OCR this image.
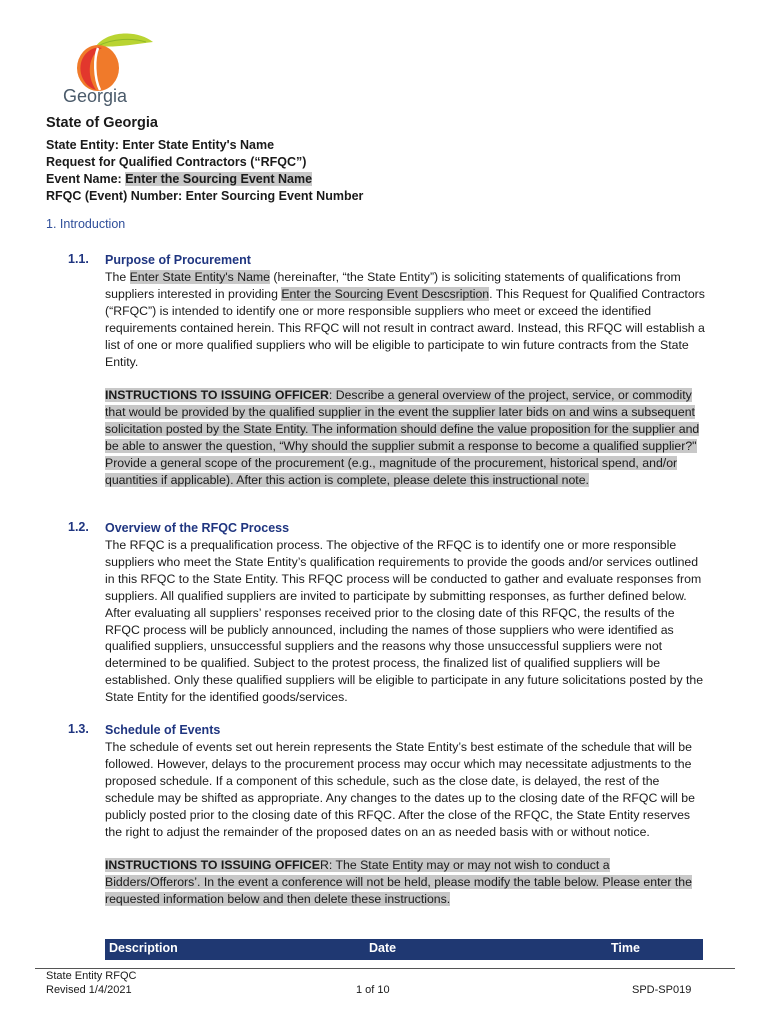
Georgia
State of Georgia
State Entity: Enter State Entity's Name
Request for Qualified Contractors (“RFQC”)
Event Name: Enter the Sourcing Event Name
RFQC (Event) Number: Enter Sourcing Event Number
1. Introduction
1.1. Purpose of Procurement
The Enter State Entity's Name (hereinafter, “the State Entity”) is soliciting statements of qualifications from suppliers interested in providing Enter the Sourcing Event Descsription. This Request for Qualified Contractors (“RFQC”) is intended to identify one or more responsible suppliers who meet or exceed the identified requirements contained herein. This RFQC will not result in contract award. Instead, this RFQC will establish a list of one or more qualified suppliers who will be eligible to participate to win future contracts from the State Entity.
INSTRUCTIONS TO ISSUING OFFICER: Describe a general overview of the project, service, or commodity that would be provided by the qualified supplier in the event the supplier later bids on and wins a subsequent solicitation posted by the State Entity. The information should define the value proposition for the supplier and be able to answer the question, “Why should the supplier submit a response to become a qualified supplier?" Provide a general scope of the procurement (e.g., magnitude of the procurement, historical spend, and/or quantities if applicable). After this action is complete, please delete this instructional note.
1.2. Overview of the RFQC Process
The RFQC is a prequalification process. The objective of the RFQC is to identify one or more responsible suppliers who meet the State Entity’s qualification requirements to provide the goods and/or services outlined in this RFQC to the State Entity. This RFQC process will be conducted to gather and evaluate responses from suppliers. All qualified suppliers are invited to participate by submitting responses, as further defined below. After evaluating all suppliers’ responses received prior to the closing date of this RFQC, the results of the RFQC process will be publicly announced, including the names of those suppliers who were identified as qualified suppliers, unsuccessful suppliers and the reasons why those unsuccessful suppliers were not determined to be qualified. Subject to the protest process, the finalized list of qualified suppliers will be established. Only these qualified suppliers will be eligible to participate in any future solicitations posted by the State Entity for the identified goods/services.
1.3. Schedule of Events
The schedule of events set out herein represents the State Entity’s best estimate of the schedule that will be followed. However, delays to the procurement process may occur which may necessitate adjustments to the proposed schedule. If a component of this schedule, such as the close date, is delayed, the rest of the schedule may be shifted as appropriate. Any changes to the dates up to the closing date of the RFQC will be publicly posted prior to the closing date of this RFQC. After the close of the RFQC, the State Entity reserves the right to adjust the remainder of the proposed dates on an as needed basis with or without notice.
INSTRUCTIONS TO ISSUING OFFICER: The State Entity may or may not wish to conduct a Bidders/Offerors’. In the event a conference will not be held, please modify the table below. Please enter the requested information below and then delete these instructions.
Description	Date	Time
State Entity RFQC
Revised 1/4/2021	1 of 10	SPD-SP019
